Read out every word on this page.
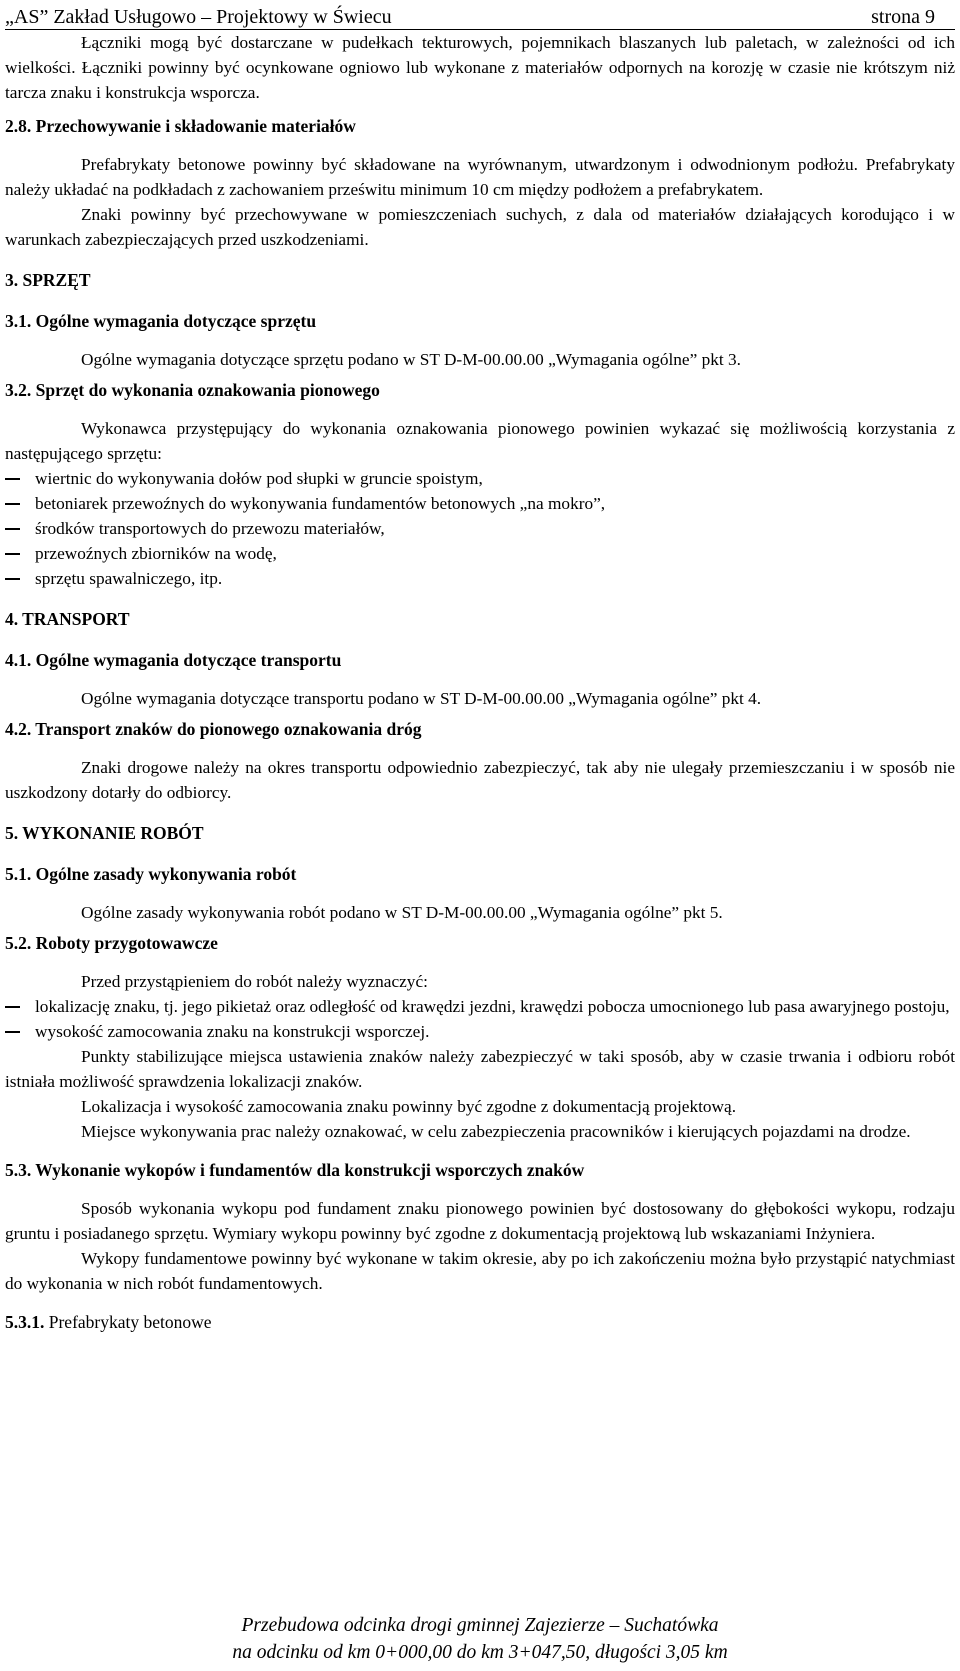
„AS” Zakład Usługowo – Projektowy w Świecu	strona 9

Łączniki mogą być dostarczane w pudełkach tekturowych, pojemnikach blaszanych lub paletach, w zależności od ich wielkości. Łączniki powinny być ocynkowane ogniowo lub wykonane z materiałów odpornych na korozję w czasie nie krótszym niż tarcza znaku i konstrukcja wsporcza.

2.8. Przechowywanie i składowanie materiałów

Prefabrykaty betonowe powinny być składowane na wyrównanym, utwardzonym i odwodnionym podłożu. Prefabrykaty należy układać na podkładach z zachowaniem prześwitu minimum 10 cm między podłożem a prefabrykatem.

Znaki powinny być przechowywane w pomieszczeniach suchych, z dala od materiałów działających korodująco i w warunkach zabezpieczających przed uszkodzeniami.

3. SPRZĘT
3.1. Ogólne wymagania dotyczące sprzętu

Ogólne wymagania dotyczące sprzętu podano w ST D-M-00.00.00 „Wymagania ogólne” pkt 3.

3.2. Sprzęt do wykonania oznakowania pionowego

Wykonawca przystępujący do wykonania oznakowania pionowego powinien wykazać się możliwością korzystania z następującego sprzętu:

wiertnic do wykonywania dołów pod słupki w gruncie spoistym,
betoniarek przewoźnych do wykonywania fundamentów betonowych „na mokro”,
środków transportowych do przewozu materiałów,
przewoźnych zbiorników na wodę,
sprzętu spawalniczego, itp.
4. TRANSPORT
4.1. Ogólne wymagania dotyczące transportu

Ogólne wymagania dotyczące transportu podano w ST D-M-00.00.00 „Wymagania ogólne” pkt 4.

4.2. Transport znaków do pionowego oznakowania dróg

Znaki drogowe należy na okres transportu odpowiednio zabezpieczyć, tak aby nie ulegały przemieszczaniu i w sposób nie uszkodzony dotarły do odbiorcy.

5. WYKONANIE ROBÓT
5.1. Ogólne zasady wykonywania robót

Ogólne zasady wykonywania robót podano w ST D-M-00.00.00 „Wymagania ogólne” pkt 5.

5.2. Roboty przygotowawcze

Przed przystąpieniem do robót należy wyznaczyć:

lokalizację znaku, tj. jego pikietaż oraz odległość od krawędzi jezdni, krawędzi pobocza umocnionego lub pasa awaryjnego postoju,
wysokość zamocowania znaku na konstrukcji wsporczej.

Punkty stabilizujące miejsca ustawienia znaków należy zabezpieczyć w taki sposób, aby w czasie trwania i odbioru robót istniała możliwość sprawdzenia lokalizacji znaków.

Lokalizacja i wysokość zamocowania znaku powinny być zgodne z dokumentacją projektową.

Miejsce wykonywania prac należy oznakować, w celu zabezpieczenia pracowników i kierujących pojazdami na drodze.

5.3. Wykonanie wykopów i fundamentów dla konstrukcji wsporczych znaków

Sposób wykonania wykopu pod fundament znaku pionowego powinien być dostosowany do głębokości wykopu, rodzaju gruntu i posiadanego sprzętu. Wymiary wykopu powinny być zgodne z dokumentacją projektową lub wskazaniami Inżyniera.

Wykopy fundamentowe powinny być wykonane w takim okresie, aby po ich zakończeniu można było przystąpić natychmiast do wykonania w nich robót fundamentowych.

5.3.1. Prefabrykaty betonowe
Przebudowa odcinka drogi gminnej Zajezierze – Suchatówka
na odcinku od km 0+000,00 do km 3+047,50, długości 3,05 km
